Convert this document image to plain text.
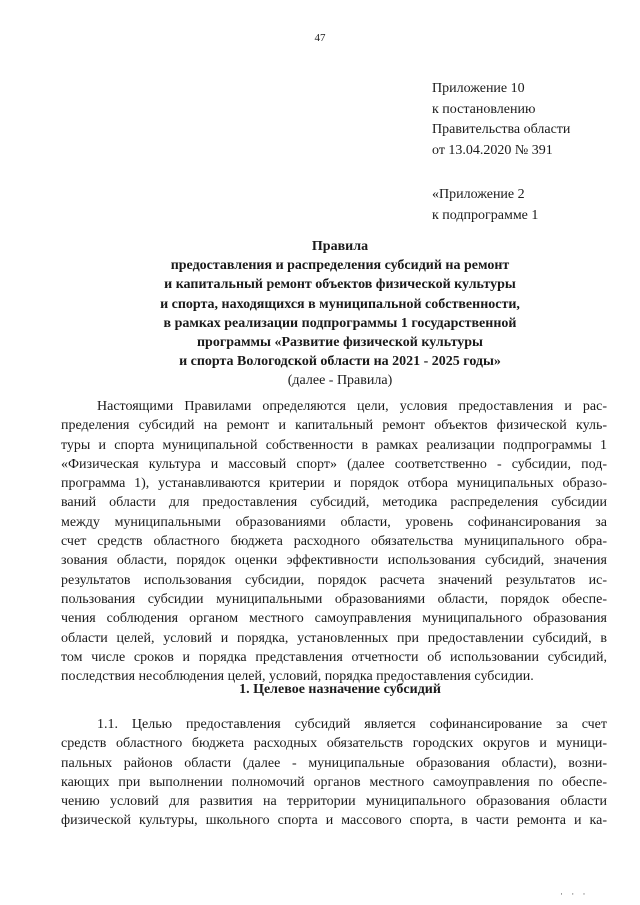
47
Приложение 10
к постановлению
Правительства области
от 13.04.2020 № 391
«Приложение 2
к подпрограмме 1
Правила
предоставления и распределения субсидий на ремонт
и капитальный ремонт объектов физической культуры
и спорта, находящихся в муниципальной собственности,
в рамках реализации подпрограммы 1 государственной
программы «Развитие физической культуры
и спорта Вологодской области на 2021 - 2025 годы»
(далее - Правила)
Настоящими Правилами определяются цели, условия предоставления и рас-
пределения субсидий на ремонт и капитальный ремонт объектов физической куль-
туры и спорта муниципальной собственности в рамках реализации подпрограммы 1
«Физическая культура и массовый спорт» (далее соответственно - субсидии, под-
программа 1), устанавливаются критерии и порядок отбора муниципальных образо-
ваний области для предоставления субсидий, методика распределения субсидии
между муниципальными образованиями области, уровень софинансирования за
счет средств областного бюджета расходного обязательства муниципального обра-
зования области, порядок оценки эффективности использования субсидий, значения
результатов использования субсидии, порядок расчета значений результатов ис-
пользования субсидии муниципальными образованиями области, порядок обеспе-
чения соблюдения органом местного самоуправления муниципального образования
области целей, условий и порядка, установленных при предоставлении субсидий, в
том числе сроков и порядка представления отчетности об использовании субсидий,
последствия несоблюдения целей, условий, порядка предоставления субсидии.
1. Целевое назначение субсидий
1.1. Целью предоставления субсидий является софинансирование за счет
средств областного бюджета расходных обязательств городских округов и муници-
пальных районов области (далее - муниципальные образования области), возни-
кающих при выполнении полномочий органов местного самоуправления по обеспе-
чению условий для развития на территории муниципального образования области
физической культуры, школьного спорта и массового спорта, в части ремонта и ка-
· · ·
